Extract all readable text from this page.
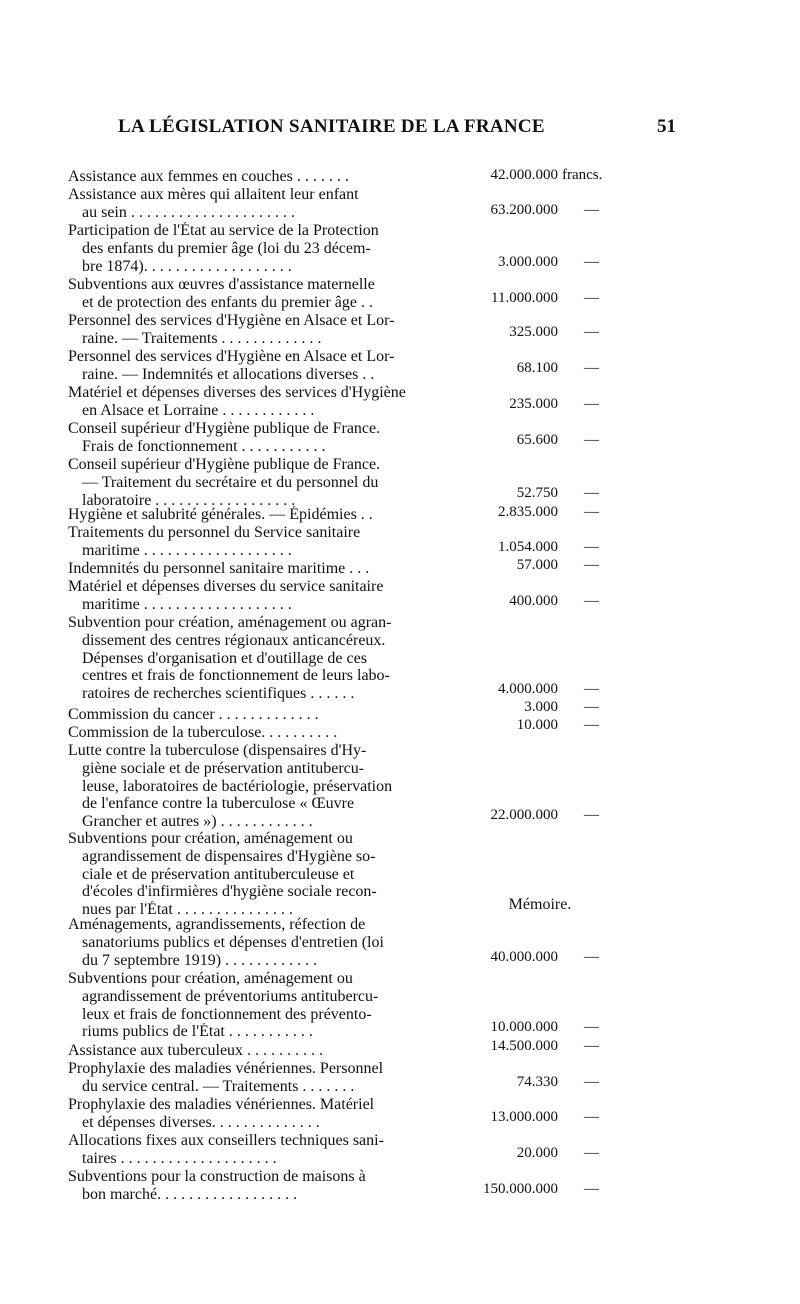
LA LÉGISLATION SANITAIRE DE LA FRANCE	51
Assistance aux femmes en couches . . . . . . .	42.000.000 francs.
Assistance aux mères qui allaitent leur enfant
au sein . . . . . . . . . . . . . . . . . . . . .	63.200.000 —
Participation de l'État au service de la Protection
des enfants du premier âge (loi du 23 décem-
bre 1874). . . . . . . . . . . . . . . . . . .	3.000.000 —
Subventions aux œuvres d'assistance maternelle
et de protection des enfants du premier âge . .	11.000.000 —
Personnel des services d'Hygiène en Alsace et Lor-
raine. — Traitements . . . . . . . . . . . . .	325.000 —
Personnel des services d'Hygiène en Alsace et Lor-
raine. — Indemnités et allocations diverses . .	68.100 —
Matériel et dépenses diverses des services d'Hygiène
en Alsace et Lorraine . . . . . . . . . . . .	235.000 —
Conseil supérieur d'Hygiène publique de France.
Frais de fonctionnement . . . . . . . . . . .	65.600 —
Conseil supérieur d'Hygiène publique de France.
— Traitement du secrétaire et du personnel du
laboratoire . . . . . . . . . . . . . . . . . .	52.750 —
Hygiène et salubrité générales. — Épidémies . .	2.835.000 —
Traitements du personnel du Service sanitaire
maritime . . . . . . . . . . . . . . . . . . .	1.054.000 —
Indemnités du personnel sanitaire maritime . . .	57.000 —
Matériel et dépenses diverses du service sanitaire
maritime . . . . . . . . . . . . . . . . . . .	400.000 —
Subvention pour création, aménagement ou agran-
dissement des centres régionaux anticancéreux.
Dépenses d'organisation et d'outillage de ces
centres et frais de fonctionnement de leurs labo-
ratoires de recherches scientifiques . . . . . .	4.000.000 —
Commission du cancer . . . . . . . . . . . . .	3.000 —
Commission de la tuberculose. . . . . . . . . .	10.000 —
Lutte contre la tuberculose (dispensaires d'Hy-
giène sociale et de préservation antitubercu-
leuse, laboratoires de bactériologie, préservation
de l'enfance contre la tuberculose « Œuvre
Grancher et autres ») . . . . . . . . . . . .	22.000.000 —
Subventions pour création, aménagement ou
agrandissement de dispensaires d'Hygiène so-
ciale et de préservation antituberculeuse et
d'écoles d'infirmières d'hygiène sociale recon-
nues par l'État . . . . . . . . . . . . . . .	Mémoire.
Aménagements, agrandissements, réfection de
sanatoriums publics et dépenses d'entretien (loi
du 7 septembre 1919) . . . . . . . . . . . .	40.000.000 —
Subventions pour création, aménagement ou
agrandissement de préventoriums antitubercu-
leux et frais de fonctionnement des prévento-
riums publics de l'État . . . . . . . . . . .	10.000.000 —
Assistance aux tuberculeux . . . . . . . . . .	14.500.000 —
Prophylaxie des maladies vénériennes. Personnel
du service central. — Traitements . . . . . . .	74.330 —
Prophylaxie des maladies vénériennes. Matériel
et dépenses diverses. . . . . . . . . . . . . .	13.000.000 —
Allocations fixes aux conseillers techniques sani-
taires . . . . . . . . . . . . . . . . . . . .	20.000 —
Subventions pour la construction de maisons à
bon marché. . . . . . . . . . . . . . . . . .	150.000.000 —
